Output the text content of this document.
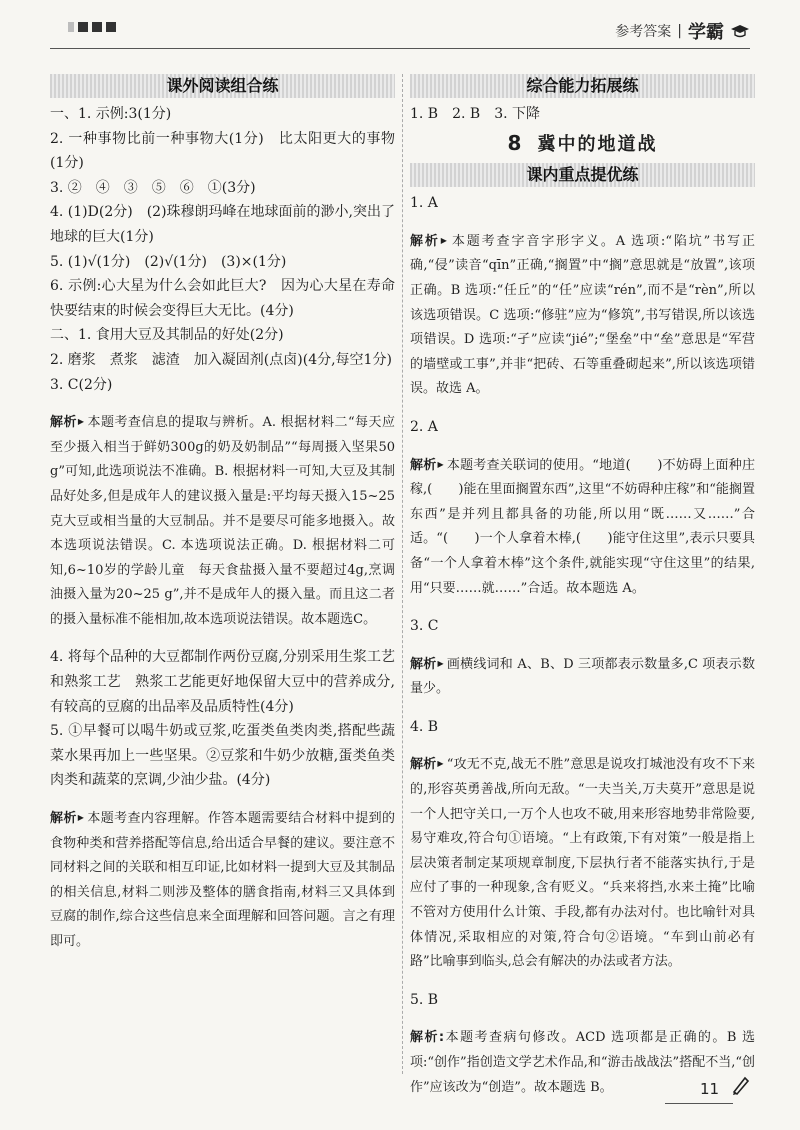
参考答案 | 学霸
课外阅读组合练

一、1. 示例:3(1分)

2. 一种事物比前一种事物大(1分)　比太阳更大的事物(1分)

3. ②　④　③　⑤　⑥　①(3分)

4. (1)D(2分)　(2)珠穆朗玛峰在地球面前的渺小,突出了地球的巨大(1分)

5. (1)√(1分)　(2)√(1分)　(3)×(1分)

6. 示例:心大星为什么会如此巨大?　因为心大星在寿命快要结束的时候会变得巨大无比。(4分)

二、1. 食用大豆及其制品的好处(2分)

2. 磨浆　煮浆　滤渣　加入凝固剂(点卤)(4分,每空1分)

3. C(2分)

解析 ▶ 本题考查信息的提取与辨析。A. 根据材料二“每天应至少摄入相当于鲜奶300g的奶及奶制品”“每周摄入坚果50 g”可知,此选项说法不准确。B. 根据材料一可知,大豆及其制品好处多,但是成年人的建议摄入量是:平均每天摄入15~25克大豆或相当量的大豆制品。并不是要尽可能多地摄入。故本选项说法错误。C. 本选项说法正确。D. 根据材料二可知,6~10岁的学龄儿童　每天食盐摄入量不要超过4g,烹调油摄入量为20~25 g”,并不是成年人的摄入量。而且这二者的摄入量标准不能相加,故本选项说法错误。故本题选C。

4. 将每个品种的大豆都制作两份豆腐,分别采用生浆工艺和熟浆工艺　熟浆工艺能更好地保留大豆中的营养成分,有较高的豆腐的出品率及品质特性(4分)

5. ①早餐可以喝牛奶或豆浆,吃蛋类鱼类肉类,搭配些蔬菜水果再加上一些坚果。②豆浆和牛奶少放糖,蛋类鱼类肉类和蔬菜的烹调,少油少盐。(4分)

解析 ▶ 本题考查内容理解。作答本题需要结合材料中提到的食物种类和营养搭配等信息,给出适合早餐的建议。要注意不同材料之间的关联和相互印证,比如材料一提到大豆及其制品的相关信息,材料二则涉及整体的膳食指南,材料三又具体到豆腐的制作,综合这些信息来全面理解和回答问题。言之有理即可。

综合能力拓展练

1. B　2. B　3. 下降

8 冀中的地道战
课内重点提优练

1. A

解析 ▶ 本题考查字音字形字义。A 选项:“陷坑”书写正确,“侵”读音“qīn”正确,“搁置”中“搁”意思就是“放置”,该项正确。B 选项:“任丘”的“任”应读“rén”,而不是“rèn”,所以该选项错误。C 选项:“修驻”应为“修筑”,书写错误,所以该选项错误。D 选项:“孑”应读“jié”;“堡垒”中“垒”意思是“军营的墙壁或工事”,并非“把砖、石等重叠砌起来”,所以该选项错误。故选 A。

2. A

解析 ▶ 本题考查关联词的使用。“地道(　　)不妨碍上面种庄稼,(　　)能在里面搁置东西”,这里“不妨碍种庄稼”和“能搁置东西”是并列且都具备的功能,所以用“既……又……”合适。“(　　)一个人拿着木棒,(　　)能守住这里”,表示只要具备“一个人拿着木棒”这个条件,就能实现“守住这里”的结果,用“只要……就……”合适。故本题选 A。

3. C

解析 ▶ 画横线词和 A、B、D 三项都表示数量多,C 项表示数量少。

4. B

解析 ▶ “攻无不克,战无不胜”意思是说攻打城池没有攻不下来的,形容英勇善战,所向无敌。“一夫当关,万夫莫开”意思是说一个人把守关口,一万个人也攻不破,用来形容地势非常险要,易守难攻,符合句①语境。“上有政策,下有对策”一般是指上层决策者制定某项规章制度,下层执行者不能落实执行,于是应付了事的一种现象,含有贬义。“兵来将挡,水来土掩”比喻不管对方使用什么计策、手段,都有办法对付。也比喻针对具体情况,采取相应的对策,符合句②语境。“车到山前必有路”比喻事到临头,总会有解决的办法或者方法。

5. B

解析:本题考查病句修改。ACD 选项都是正确的。B 选项:“创作”指创造文学艺术作品,和“游击战战法”搭配不当,“创作”应该改为“创造”。故本题选 B。	11
